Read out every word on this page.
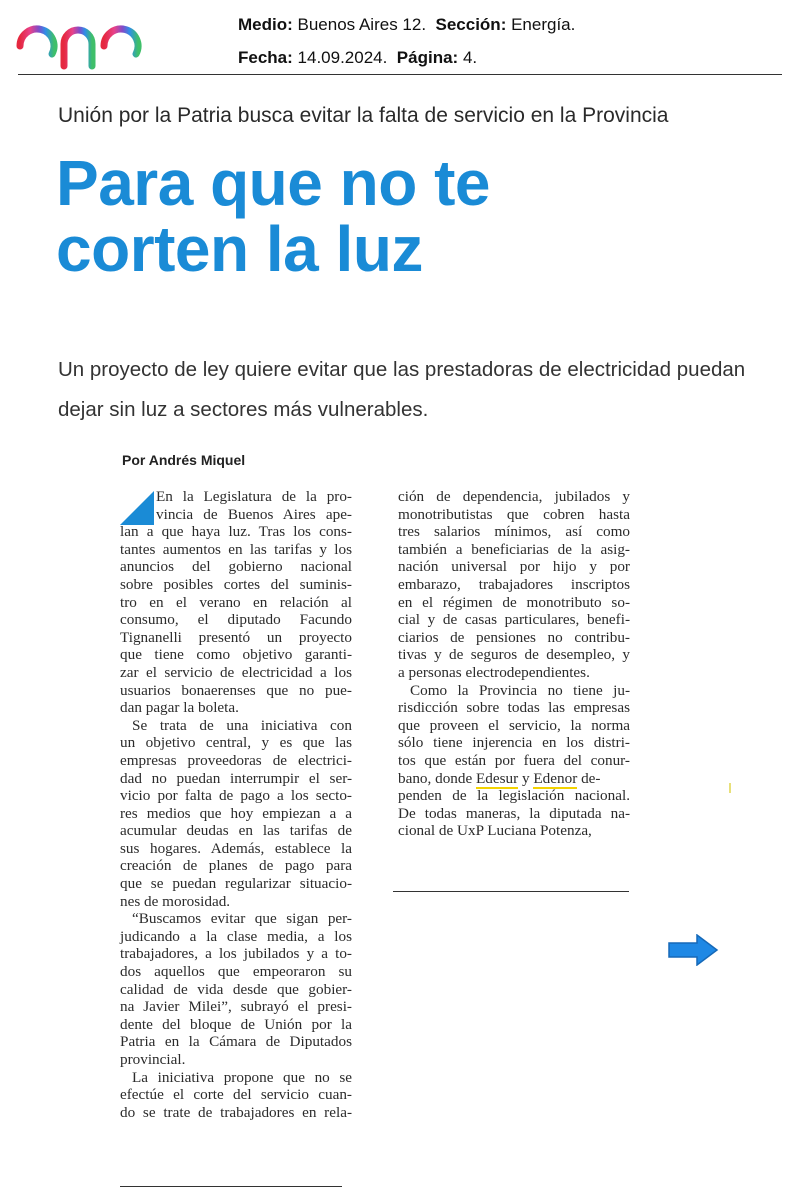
Medio: Buenos Aires 12. Sección: Energía.
Fecha: 14.09.2024. Página: 4.
Unión por la Patria busca evitar la falta de servicio en la Provincia
Para que no te
corten la luz
Un proyecto de ley quiere evitar que las prestadoras de electricidad puedan dejar sin luz a sectores más vulnerables.
Por Andrés Miquel
En la Legislatura de la pro-
vincia de Buenos Aires ape-
lan a que haya luz. Tras los cons-
tantes aumentos en las tarifas y los
anuncios del gobierno nacional
sobre posibles cortes del suminis-
tro en el verano en relación al
consumo, el diputado Facundo
Tignanelli presentó un proyecto
que tiene como objetivo garanti-
zar el servicio de electricidad a los
usuarios bonaerenses que no pue-
dan pagar la boleta.
Se trata de una iniciativa con
un objetivo central, y es que las
empresas proveedoras de electrici-
dad no puedan interrumpir el ser-
vicio por falta de pago a los secto-
res medios que hoy empiezan a a
acumular deudas en las tarifas de
sus hogares. Además, establece la
creación de planes de pago para
que se puedan regularizar situacio-
nes de morosidad.
“Buscamos evitar que sigan per-
judicando a la clase media, a los
trabajadores, a los jubilados y a to-
dos aquellos que empeoraron su
calidad de vida desde que gobier-
na Javier Milei”, subrayó el presi-
dente del bloque de Unión por la
Patria en la Cámara de Diputados
provincial.
La iniciativa propone que no se
efectúe el corte del servicio cuan-
do se trate de trabajadores en rela-
ción de dependencia, jubilados y
monotributistas que cobren hasta
tres salarios mínimos, así como
también a beneficiarias de la asig-
nación universal por hijo y por
embarazo, trabajadores inscriptos
en el régimen de monotributo so-
cial y de casas particulares, benefi-
ciarios de pensiones no contribu-
tivas y de seguros de desempleo, y
a personas electrodependientes.
Como la Provincia no tiene ju-
risdicción sobre todas las empresas
que proveen el servicio, la norma
sólo tiene injerencia en los distri-
tos que están por fuera del conur-
bano, donde Edesur y Edenor de-
penden de la legislación nacional.
De todas maneras, la diputada na-
cional de UxP Luciana Potenza,
